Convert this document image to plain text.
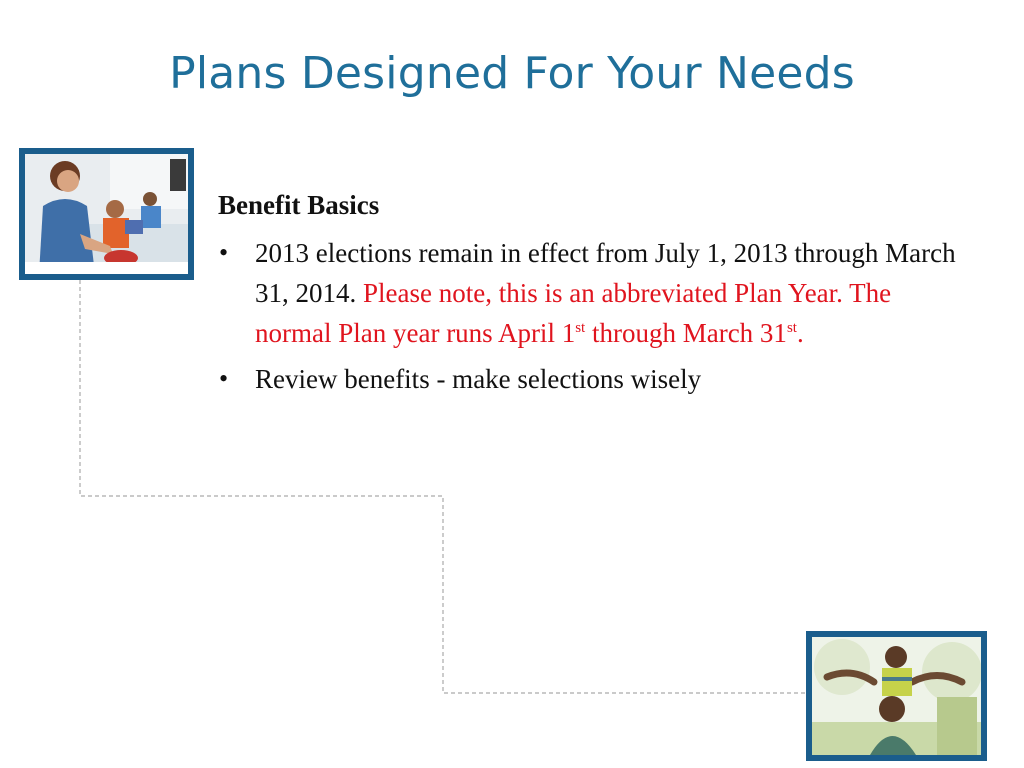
Plans Designed For Your Needs
Benefit Basics
• 2013 elections remain in effect from July 1, 2013 through March 31, 2014. Please note, this is an abbreviated Plan Year. The normal Plan year runs April 1st through March 31st.
• Review benefits - make selections wisely
